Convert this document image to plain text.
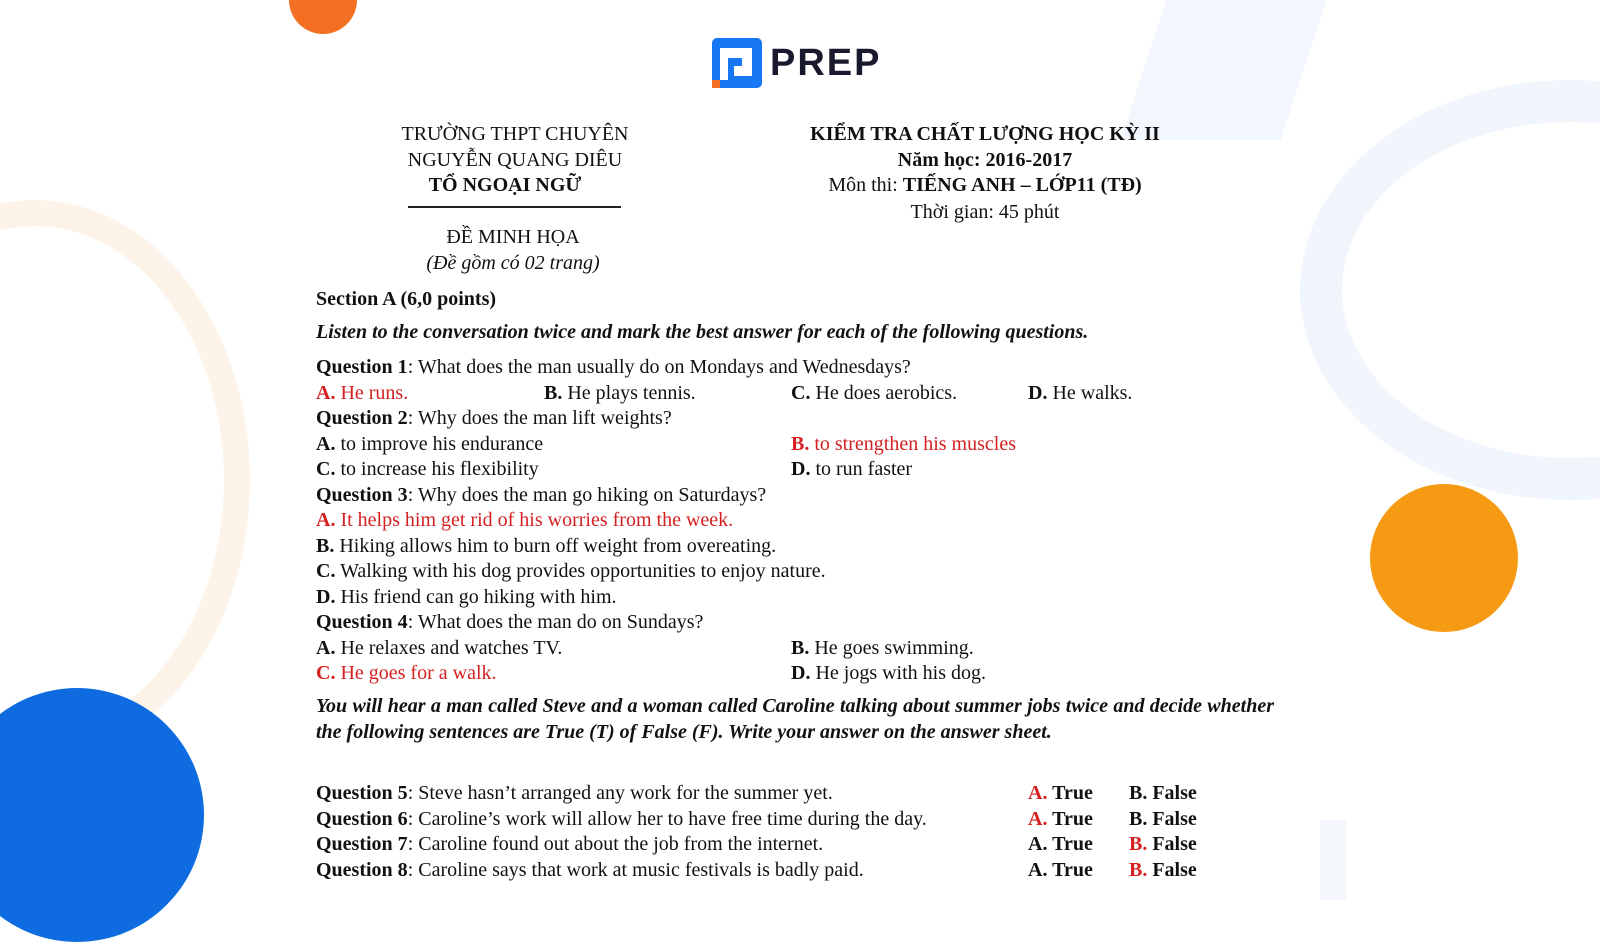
PREP
TRƯỜNG THPT CHUYÊN
NGUYỄN QUANG DIÊU
TỔ NGOẠI NGỮ
ĐỀ MINH HỌA
(Đề gồm có 02 trang)
KIỂM TRA CHẤT LƯỢNG HỌC KỲ II
Năm học: 2016-2017
Môn thi: TIẾNG ANH – LỚP11 (TĐ)
Thời gian: 45 phút
Section A (6,0 points)
Listen to the conversation twice and mark the best answer for each of the following questions.
Question 1: What does the man usually do on Mondays and Wednesdays?
A. He runs.	B. He plays tennis.	C. He does aerobics.	D. He walks.
Question 2: Why does the man lift weights?
A. to improve his endurance	B. to strengthen his muscles
C. to increase his flexibility	D. to run faster
Question 3: Why does the man go hiking on Saturdays?
A. It helps him get rid of his worries from the week.
B. Hiking allows him to burn off weight from overeating.
C. Walking with his dog provides opportunities to enjoy nature.
D. His friend can go hiking with him.
Question 4: What does the man do on Sundays?
A. He relaxes and watches TV.	B. He goes swimming.
C. He goes for a walk.	D. He jogs with his dog.
You will hear a man called Steve and a woman called Caroline talking about summer jobs twice and decide whether the following sentences are True (T) of False (F). Write your answer on the answer sheet.
Question 5: Steve hasn’t arranged any work for the summer yet.	A. True B. False
Question 6: Caroline’s work will allow her to have free time during the day.	A. True B. False
Question 7: Caroline found out about the job from the internet.	A. True B. False
Question 8: Caroline says that work at music festivals is badly paid.	A. True B. False
